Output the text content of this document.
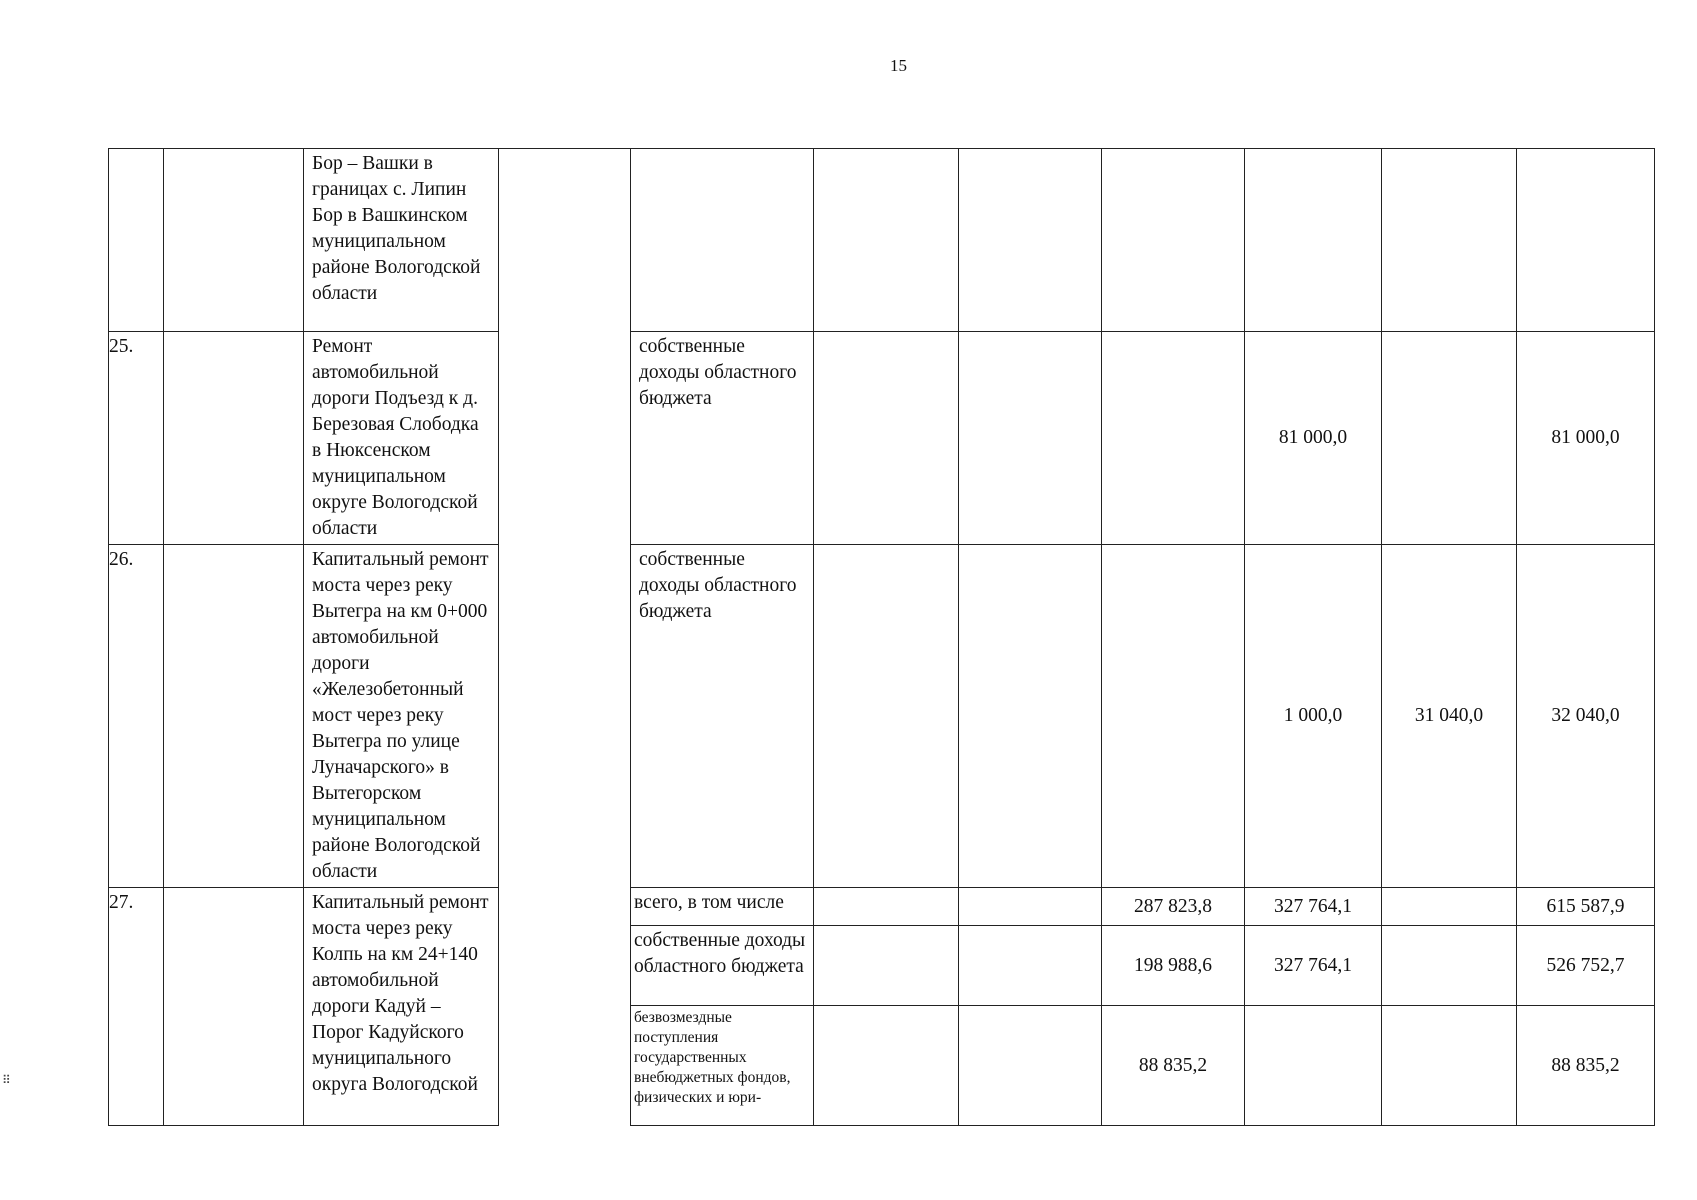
15
⠿
		Бор – Вашки в границах с. Липин Бор в Вашкинском муниципальном районе Вологодской области								
25.		Ремонт автомобильной дороги Подъезд к д. Березовая Слободка в Нюксенском муниципальном округе Вологодской области		собственные доходы областного бюджета				81 000,0		81 000,0
26.		Капитальный ремонт моста через реку Вытегра на км 0+000 автомобильной дороги «Железобетонный мост через реку Вытегра по улице Луначарского» в Вытегорском муниципальном районе Вологодской области		собственные доходы областного бюджета				1 000,0	31 040,0	32 040,0
27.		Капитальный ремонт моста через реку Колпь на км 24+140 автомобильной дороги Кадуй – Порог Кадуйского муниципального округа Вологодской		всего, в том числе			287 823,8	327 764,1		615 587,9
				собственные доходы областного бюджета			198 988,6	327 764,1		526 752,7
				безвозмездные поступления государственных внебюджетных фондов, физических и юри-			88 835,2			88 835,2
